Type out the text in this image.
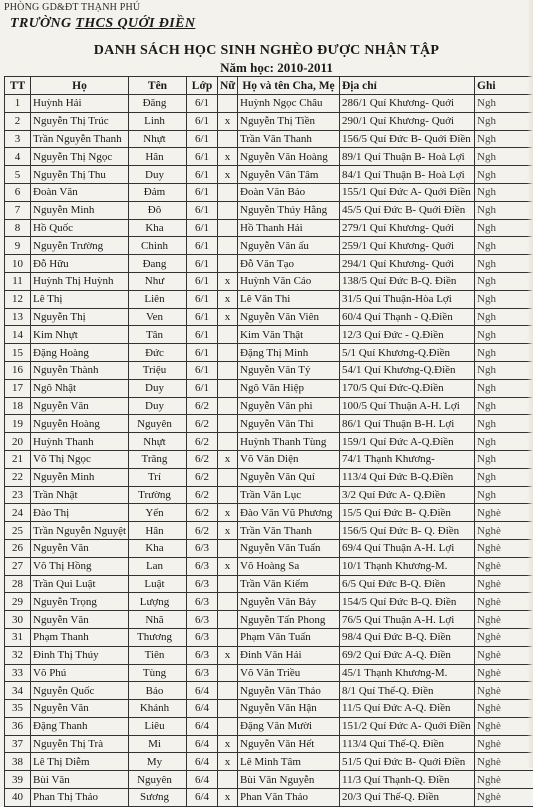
PHÒNG GD&ĐT THẠNH PHÚ
TRƯỜNG THCS QUỚI ĐIỀN
DANH SÁCH HỌC SINH NGHÈO ĐƯỢC NHẬN TẬP
Năm học: 2010-2011
TT	Họ	Tên	Lớp	Nữ	Họ và tên Cha, Mẹ	Địa chỉ	Ghi
1	Huỳnh Hải	Đăng	6/1		Huỳnh Ngọc Châu	286/1 Quí Khương- Quới	Ngh
2	Nguyễn Thị Trúc	Linh	6/1	x	Nguyễn Thị Tiền	290/1 Quí Khương- Quới	Ngh
3	Trần Nguyễn Thanh	Nhựt	6/1		Trần Văn Thanh	156/5 Quí Đức B- Quới Điền	Ngh
4	Nguyễn Thị Ngọc	Hân	6/1	x	Nguyễn Văn Hoàng	89/1 Quí Thuận B- Hoà Lợi	Ngh
5	Nguyễn Thị Thu	Duy	6/1	x	Nguyễn Văn Tâm	84/1 Quí Thuận B- Hoà Lợi	Ngh
6	Đoàn Văn	Đảm	6/1		Đoàn Văn Bảo	155/1 Quí Đức A- Quới Điền	Ngh
7	Nguyễn Minh	Đô	6/1		Nguyễn Thúy Hằng	45/5 Quí Đức B- Quới Điền	Ngh
8	Hồ Quốc	Kha	6/1		Hồ Thanh Hải	279/1 Quí Khương- Quới	Ngh
9	Nguyễn Trường	Chinh	6/1		Nguyễn Văn ấu	259/1 Quí Khương- Quới	Ngh
10	Đỗ Hữu	Đang	6/1		Đỗ Văn Tạo	294/1 Quí Khương- Quới	Ngh
11	Huỳnh Thị Huỳnh	Như	6/1	x	Huỳnh Văn Cáo	138/5 Quí Đức B-Q. Điền	Ngh
12	Lê Thị	Liên	6/1	x	Lê Văn Thi	31/5 Quí Thuận-Hòa Lợi	Ngh
13	Nguyễn Thị	Ven	6/1	x	Nguyễn Văn Viên	60/4 Quí Thạnh - Q.Điền	Ngh
14	Kim Nhựt	Tân	6/1		Kim Văn Thật	12/3 Quí Đức - Q.Điền	Ngh
15	Đặng Hoàng	Đức	6/1		Đặng Thị Minh	5/1 Quí Khương-Q.Điền	Ngh
16	Nguyễn Thành	Triệu	6/1		Nguyễn Văn Tý	54/1 Quí Khương-Q.Điền	Ngh
17	Ngô Nhật	Duy	6/1		Ngô Văn Hiệp	170/5 Quí Đức-Q.Điền	Ngh
18	Nguyễn Văn	Duy	6/2		Nguyễn Văn phi	100/5 Quí Thuận A-H. Lợi	Ngh
19	Nguyễn Hoàng	Nguyên	6/2		Nguyễn Văn Thi	86/1 Quí Thuận B-H. Lợi	Ngh
20	Huỳnh Thanh	Nhựt	6/2		Huỳnh Thanh Tùng	159/1 Quí Đức A-Q.Điền	Ngh
21	Võ Thị Ngọc	Trăng	6/2	x	Võ Văn Diện	74/1 Thạnh Khương-	Ngh
22	Nguyễn Minh	Trí	6/2		Nguyễn Văn Quí	113/4 Quí Đức B-Q.Điền	Ngh
23	Trần Nhật	Trường	6/2		Trần Văn Lục	3/2 Quí Đức A- Q.Điền	Ngh
24	Đào Thị	Yến	6/2	x	Đào Văn Vũ Phương	15/5 Quí Đức B- Q.Điền	Nghè
25	Trần Nguyễn Nguyệt	Hân	6/2	x	Trần Văn Thanh	156/5 Quí Đức B- Q. Điền	Nghè
26	Nguyễn Văn	Kha	6/3		Nguyễn Văn Tuấn	69/4 Quí Thuận A-H. Lợi	Nghè
27	Võ Thị Hồng	Lan	6/3	x	Võ Hoàng Sa	10/1 Thạnh Khương-M.	Nghè
28	Trần Qui Luật	Luật	6/3		Trần Văn Kiếm	6/5 Quí Đức B-Q. Điền	Nghè
29	Nguyễn Trọng	Lượng	6/3		Nguyễn Văn Bảy	154/5 Quí Đức B-Q. Điền	Nghè
30	Nguyễn Văn	Nhã	6/3		Nguyễn Tấn Phong	76/5 Quí Thuận A-H. Lợi	Nghè
31	Phạm Thanh	Thương	6/3		Phạm Văn Tuấn	98/4 Quí Đức B-Q. Điền	Nghè
32	Đinh Thị Thúy	Tiên	6/3	x	Đinh Văn Hải	69/2 Quí Đức A-Q. Điền	Nghè
33	Võ Phú	Tùng	6/3		Võ Văn Triều	45/1 Thạnh Khương-M.	Nghè
34	Nguyễn Quốc	Bảo	6/4		Nguyễn Văn Thảo	8/1 Quí Thế-Q. Điền	Nghè
35	Nguyễn Văn	Khánh	6/4		Nguyễn Văn Hận	11/5 Quí Đức A-Q. Điền	Nghè
36	Đặng Thanh	Liêu	6/4		Đặng Văn Mười	151/2 Quí Đức A- Quới Điền	Nghè
37	Nguyễn Thị Trà	Mi	6/4	x	Nguyễn Văn Hết	113/4 Quí Thế-Q. Điền	Nghè
38	Lê Thị Diễm	My	6/4	x	Lê Minh Tâm	51/5 Quí Đức B- Quới Điền	Nghè
39	Bùi Văn	Nguyên	6/4		Bùi Văn Nguyễn	11/3 Quí Thạnh-Q. Điền	Nghè
40	Phan Thị Thảo	Sương	6/4	x	Phan Văn Thảo	20/3 Quí Thế-Q. Điền	Nghè
